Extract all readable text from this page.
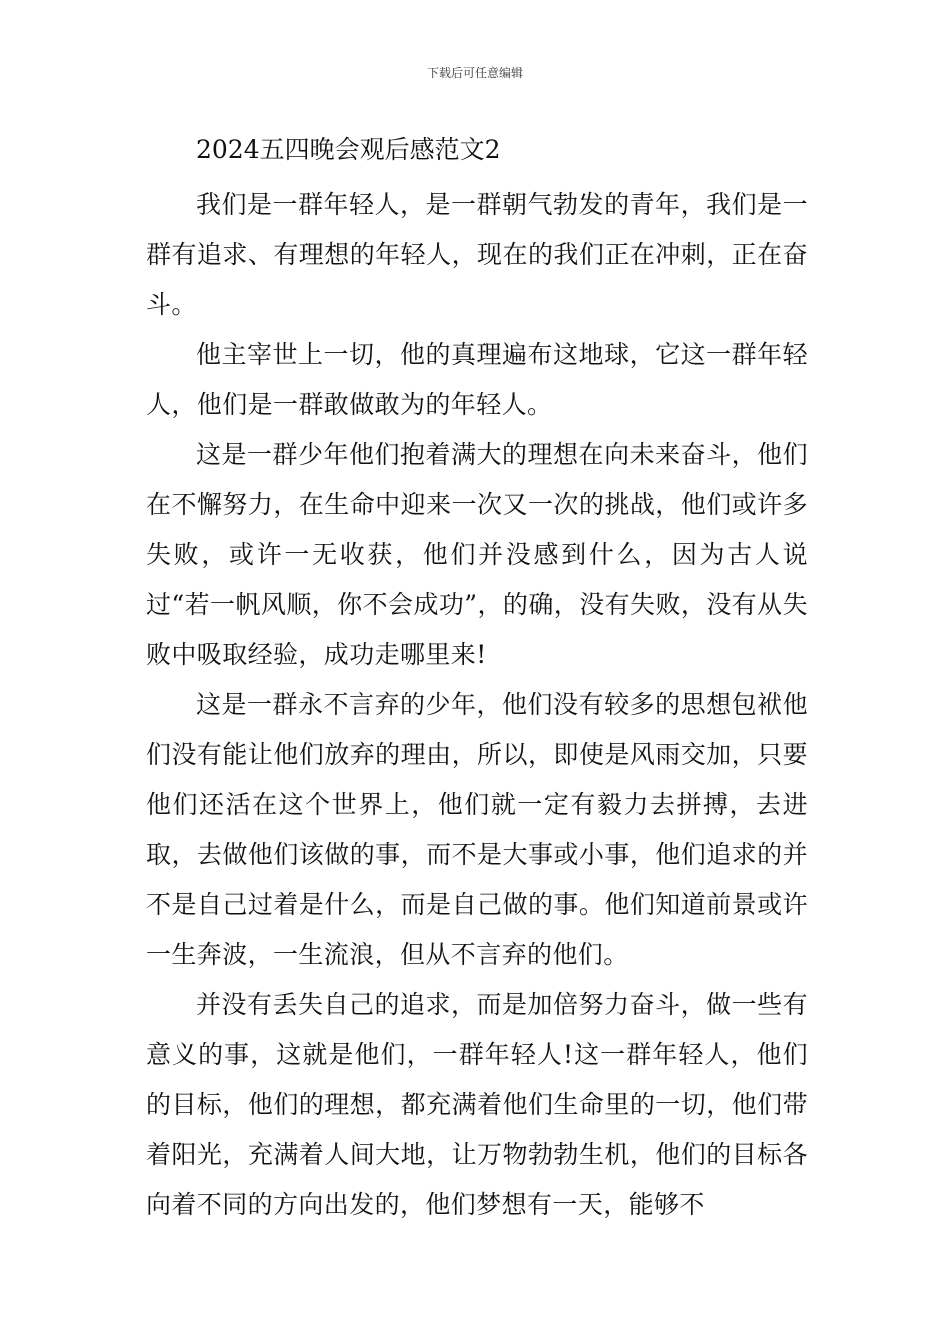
下载后可任意编辑
2024五四晚会观后感范文2

我们是一群年轻人，是一群朝气勃发的青年，我们是一群有追求、有理想的年轻人，现在的我们正在冲刺，正在奋斗。

他主宰世上一切，他的真理遍布这地球，它这一群年轻人，他们是一群敢做敢为的年轻人。

这是一群少年他们抱着满大的理想在向未来奋斗，他们在不懈努力，在生命中迎来一次又一次的挑战，他们或许多失败，或许一无收获，他们并没感到什么，因为古人说过“若一帆风顺，你不会成功”，的确，没有失败，没有从失败中吸取经验，成功走哪里来!

这是一群永不言弃的少年，他们没有较多的思想包袱他们没有能让他们放弃的理由，所以，即使是风雨交加，只要他们还活在这个世界上，他们就一定有毅力去拼搏，去进取，去做他们该做的事，而不是大事或小事，他们追求的并不是自己过着是什么，而是自己做的事。他们知道前景或许一生奔波，一生流浪，但从不言弃的他们。

并没有丢失自己的追求，而是加倍努力奋斗，做一些有意义的事，这就是他们，一群年轻人!这一群年轻人，他们的目标，他们的理想，都充满着他们生命里的一切，他们带着阳光，充满着人间大地，让万物勃勃生机，他们的目标各向着不同的方向出发的，他们梦想有一天，能够不
